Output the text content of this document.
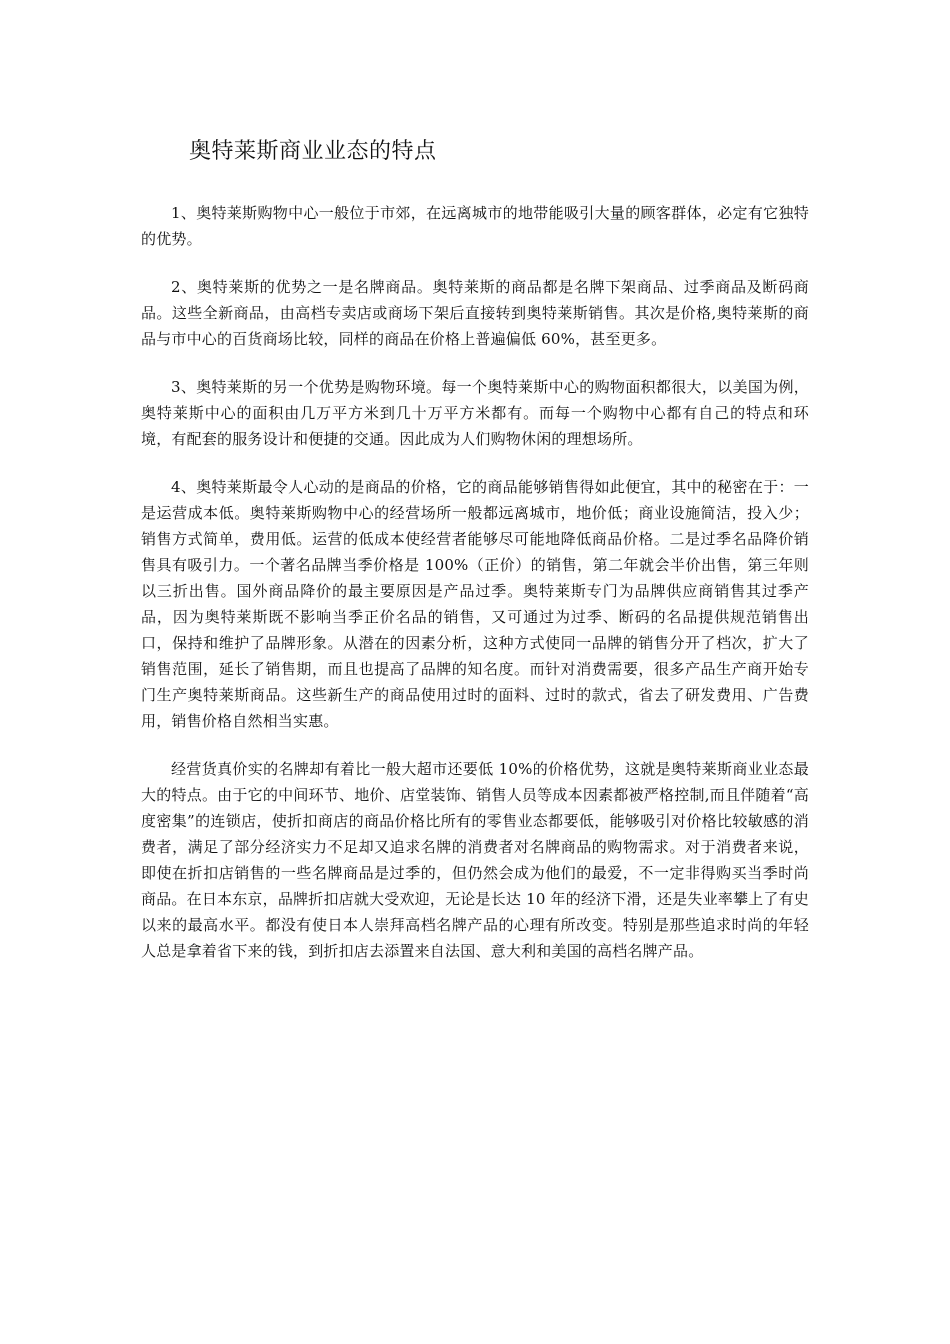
奥特莱斯商业业态的特点

1、奥特莱斯购物中心一般位于市郊，在远离城市的地带能吸引大量的顾客群体，必定有它独特的优势。

2、奥特莱斯的优势之一是名牌商品。奥特莱斯的商品都是名牌下架商品、过季商品及断码商品。这些全新商品，由高档专卖店或商场下架后直接转到奥特莱斯销售。其次是价格,奥特莱斯的商品与市中心的百货商场比较，同样的商品在价格上普遍偏低 60%，甚至更多。

3、奥特莱斯的另一个优势是购物环境。每一个奥特莱斯中心的购物面积都很大，以美国为例，奥特莱斯中心的面积由几万平方米到几十万平方米都有。而每一个购物中心都有自己的特点和环境，有配套的服务设计和便捷的交通。因此成为人们购物休闲的理想场所。

4、奥特莱斯最令人心动的是商品的价格，它的商品能够销售得如此便宜，其中的秘密在于：一是运营成本低。奥特莱斯购物中心的经营场所一般都远离城市，地价低；商业设施简洁，投入少；销售方式简单，费用低。运营的低成本使经营者能够尽可能地降低商品价格。二是过季名品降价销售具有吸引力。一个著名品牌当季价格是 100%（正价）的销售，第二年就会半价出售，第三年则以三折出售。国外商品降价的最主要原因是产品过季。奥特莱斯专门为品牌供应商销售其过季产品，因为奥特莱斯既不影响当季正价名品的销售，又可通过为过季、断码的名品提供规范销售出口，保持和维护了品牌形象。从潜在的因素分析，这种方式使同一品牌的销售分开了档次，扩大了销售范围，延长了销售期，而且也提高了品牌的知名度。而针对消费需要，很多产品生产商开始专门生产奥特莱斯商品。这些新生产的商品使用过时的面料、过时的款式，省去了研发费用、广告费用，销售价格自然相当实惠。

经营货真价实的名牌却有着比一般大超市还要低 10%的价格优势，这就是奥特莱斯商业业态最大的特点。由于它的中间环节、地价、店堂装饰、销售人员等成本因素都被严格控制,而且伴随着“高度密集”的连锁店，使折扣商店的商品价格比所有的零售业态都要低，能够吸引对价格比较敏感的消费者，满足了部分经济实力不足却又追求名牌的消费者对名牌商品的购物需求。对于消费者来说，即使在折扣店销售的一些名牌商品是过季的，但仍然会成为他们的最爱，不一定非得购买当季时尚商品。在日本东京，品牌折扣店就大受欢迎，无论是长达 10 年的经济下滑，还是失业率攀上了有史以来的最高水平。都没有使日本人崇拜高档名牌产品的心理有所改变。特别是那些追求时尚的年轻人总是拿着省下来的钱，到折扣店去添置来自法国、意大利和美国的高档名牌产品。
